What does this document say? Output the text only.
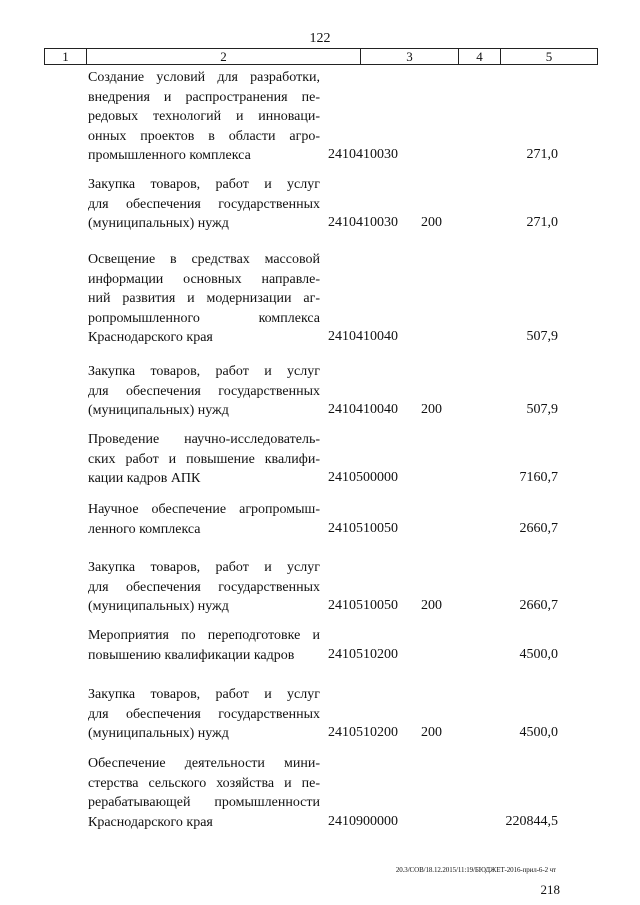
122
1	2	3	4	5
Создание условий для разработки,
внедрения и распространения пе-
редовых технологий и инноваци-
онных проектов в области агро-
промышленного комплекса	2410410030	271,0
Закупка товаров, работ и услуг
для обеспечения государственных
(муниципальных) нужд	2410410030 200	271,0
Освещение в средствах массовой
информации основных направле-
ний развития и модернизации аг-
ропромышленного комплекса
Краснодарского края	2410410040	507,9
Закупка товаров, работ и услуг
для обеспечения государственных
(муниципальных) нужд	2410410040 200	507,9
Проведение научно-исследователь-
ских работ и повышение квалифи-
кации кадров АПК	2410500000	7160,7
Научное обеспечение агропромыш-
ленного комплекса	2410510050	2660,7
Закупка товаров, работ и услуг
для обеспечения государственных
(муниципальных) нужд	2410510050 200	2660,7
Мероприятия по переподготовке и
повышению квалификации кадров	2410510200	4500,0
Закупка товаров, работ и услуг
для обеспечения государственных
(муниципальных) нужд	2410510200 200	4500,0
Обеспечение деятельности мини-
стерства сельского хозяйства и пе-
рерабатывающей промышленности
Краснодарского края	2410900000	220844,5
20.3/СОВ/18.12.2015/11:19/БЮДЖЕТ-2016-прил-6-2 чт
218
